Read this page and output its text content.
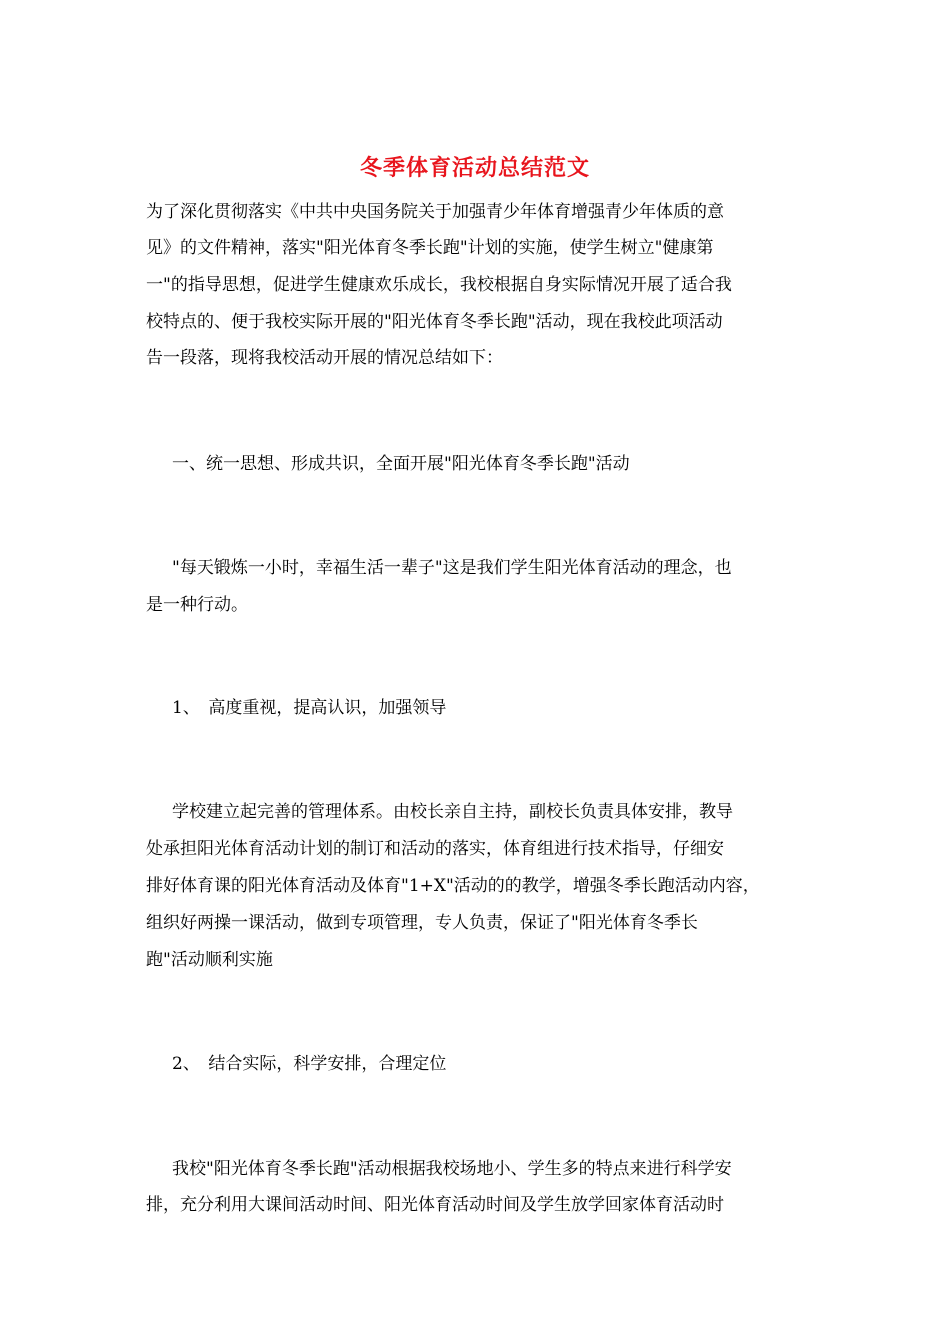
冬季体育活动总结范文
为了深化贯彻落实《中共中央国务院关于加强青少年体育增强青少年体质的意
见》的文件精神，落实"阳光体育冬季长跑"计划的实施，使学生树立"健康第
一"的指导思想，促进学生健康欢乐成长，我校根据自身实际情况开展了适合我
校特点的、便于我校实际开展的"阳光体育冬季长跑"活动，现在我校此项活动
告一段落，现将我校活动开展的情况总结如下：
一、统一思想、形成共识，全面开展"阳光体育冬季长跑"活动
"每天锻炼一小时，幸福生活一辈子"这是我们学生阳光体育活动的理念，也
是一种行动。
1、　高度重视，提高认识，加强领导
学校建立起完善的管理体系。由校长亲自主持，副校长负责具体安排，教导
处承担阳光体育活动计划的制订和活动的落实，体育组进行技术指导，仔细安
排好体育课的阳光体育活动及体育"1+X"活动的的教学，增强冬季长跑活动内容，
组织好两操一课活动，做到专项管理，专人负责，保证了"阳光体育冬季长
跑"活动顺利实施
2、　结合实际，科学安排，合理定位
我校"阳光体育冬季长跑"活动根据我校场地小、学生多的特点来进行科学安
排，充分利用大课间活动时间、阳光体育活动时间及学生放学回家体育活动时
